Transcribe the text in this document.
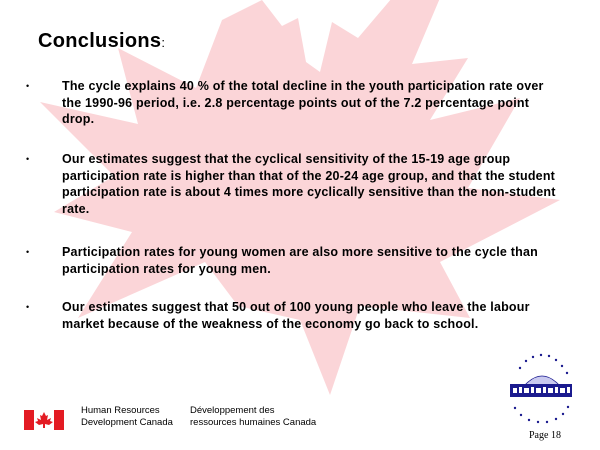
Conclusions:
•	The cycle explains 40 % of the total decline in the youth participation rate over the 1990-96 period, i.e. 2.8 percentage points out of the 7.2 percentage point drop.
•	Our estimates suggest that the cyclical sensitivity of the 15-19 age group participation rate is higher than that of the 20-24 age group, and that the student participation rate is about 4 times more cyclically sensitive than the non-student rate.
•	Participation rates for young women are also more sensitive to the cycle than participation rates for young men.
•	Our estimates suggest that 50 out of 100 young people who leave the labour market because of the weakness of the economy go back to school.
Human Resources
Development Canada
Développement des
ressources humaines Canada
Page 18
